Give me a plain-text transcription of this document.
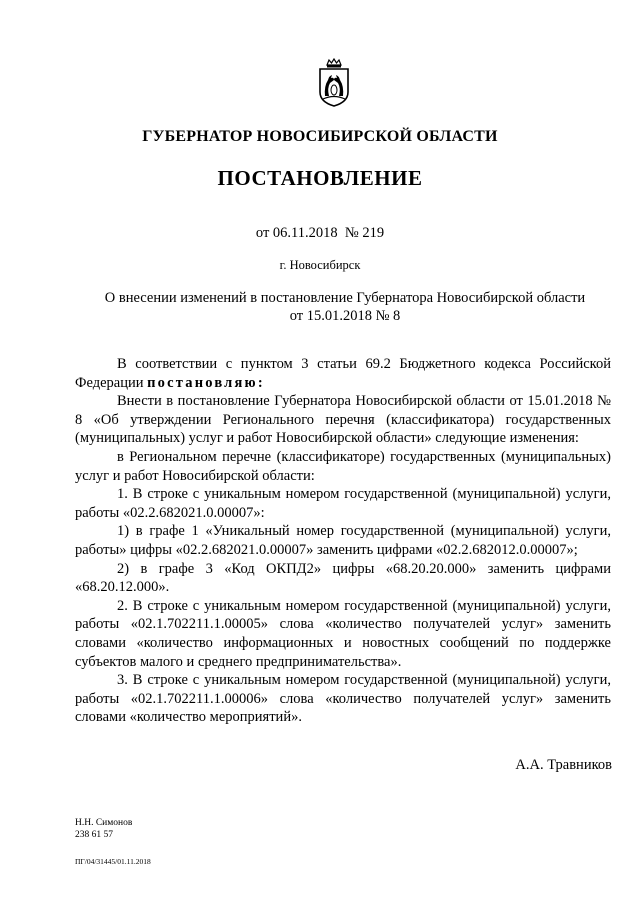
ГУБЕРНАТОР НОВОСИБИРСКОЙ ОБЛАСТИ
ПОСТАНОВЛЕНИЕ
от 06.11.2018  № 219
г. Новосибирск
О внесении изменений в постановление Губернатора Новосибирской области
от 15.01.2018 № 8

В соответствии с пунктом 3 статьи 69.2 Бюджетного кодекса Российской Федерации постановляю:

Внести в постановление Губернатора Новосибирской области от 15.01.2018 № 8 «Об утверждении Регионального перечня (классификатора) государственных (муниципальных) услуг и работ Новосибирской области» следующие изменения:

в Региональном перечне (классификаторе) государственных (муниципальных) услуг и работ Новосибирской области:

1. В строке с уникальным номером государственной (муниципальной) услуги, работы «02.2.682021.0.00007»:

1) в графе 1 «Уникальный номер государственной (муниципальной) услуги, работы» цифры «02.2.682021.0.00007» заменить цифрами «02.2.682012.0.00007»;

2) в графе 3 «Код ОКПД2» цифры «68.20.20.000» заменить цифрами «68.20.12.000».

2. В строке с уникальным номером государственной (муниципальной) услуги, работы «02.1.702211.1.00005» слова «количество получателей услуг» заменить словами «количество информационных и новостных сообщений по поддержке субъектов малого и среднего предпринимательства».

3. В строке с уникальным номером государственной (муниципальной) услуги, работы «02.1.702211.1.00006» слова «количество получателей услуг» заменить словами «количество мероприятий».

А.А. Травников
Н.Н. Симонов
238 61 57
ПГ/04/31445/01.11.2018
